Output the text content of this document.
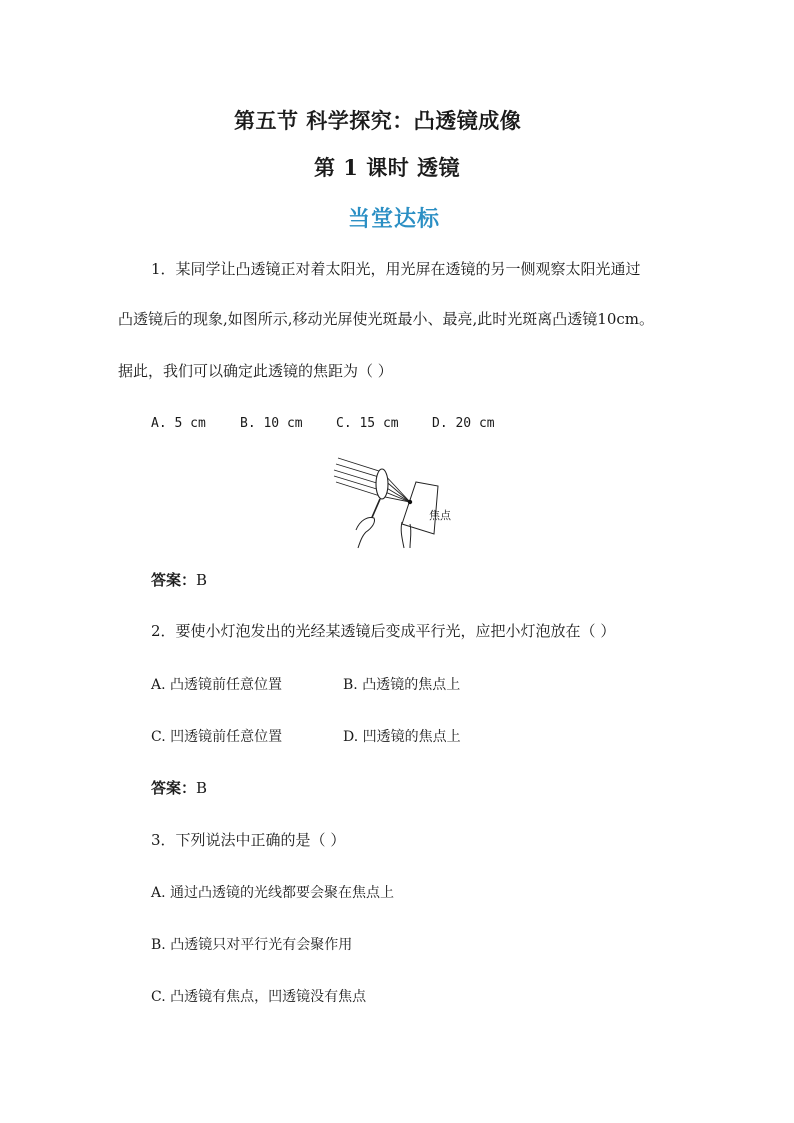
第五节 科学探究：凸透镜成像
第 1 课时 透镜
当堂达标
1．某同学让凸透镜正对着太阳光，用光屏在透镜的另一侧观察太阳光通过
凸透镜后的现象,如图所示,移动光屏使光斑最小、最亮,此时光斑离凸透镜10cm。
据此，我们可以确定此透镜的焦距为（ ）
A. 5 cm	B. 10 cm	C. 15 cm	D. 20 cm
焦点
答案：B
2．要使小灯泡发出的光经某透镜后变成平行光，应把小灯泡放在（ ）
A. 凸透镜前任意位置	B. 凸透镜的焦点上
C. 凹透镜前任意位置	D. 凹透镜的焦点上
答案：B
3．下列说法中正确的是（ ）
A. 通过凸透镜的光线都要会聚在焦点上
B. 凸透镜只对平行光有会聚作用
C. 凸透镜有焦点，凹透镜没有焦点
